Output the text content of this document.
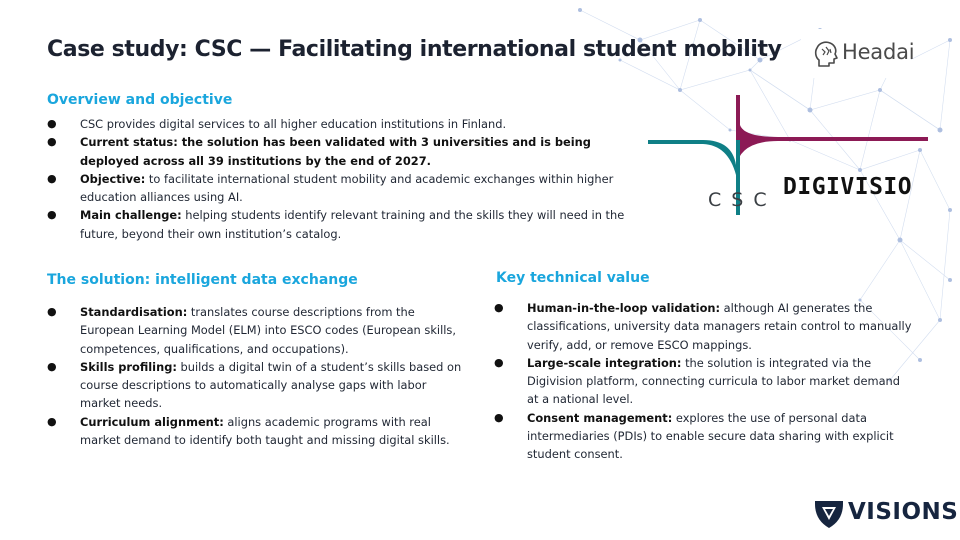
Case study: CSC — Facilitating international student mobility	Headai
Overview and objective
● CSC provides digital services to all higher education institutions in Finland.
● Current status: the solution has been validated with 3 universities and is being deployed across all 39 institutions by the end of 2027.
● Objective: to facilitate international student mobility and academic exchanges within higher education alliances using AI.
● Main challenge: helping students identify relevant training and the skills they will need in the future, beyond their own institution’s catalog.
The solution: intelligent data exchange
● Standardisation: translates course descriptions from the European Learning Model (ELM) into ESCO codes (European skills, competences, qualifications, and occupations).
● Skills profiling: builds a digital twin of a student’s skills based on course descriptions to automatically analyse gaps with labor market needs.
● Curriculum alignment: aligns academic programs with real market demand to identify both taught and missing digital skills.
Key technical value
● Human-in-the-loop validation: although AI generates the classifications, university data managers retain control to manually verify, add, or remove ESCO mappings.
● Large-scale integration: the solution is integrated via the Digivision platform, connecting curricula to labor market demand at a national level.
● Consent management: explores the use of personal data intermediaries (PDIs) to enable secure data sharing with explicit student consent.
CSC DIGIVISIO
VISIONS
